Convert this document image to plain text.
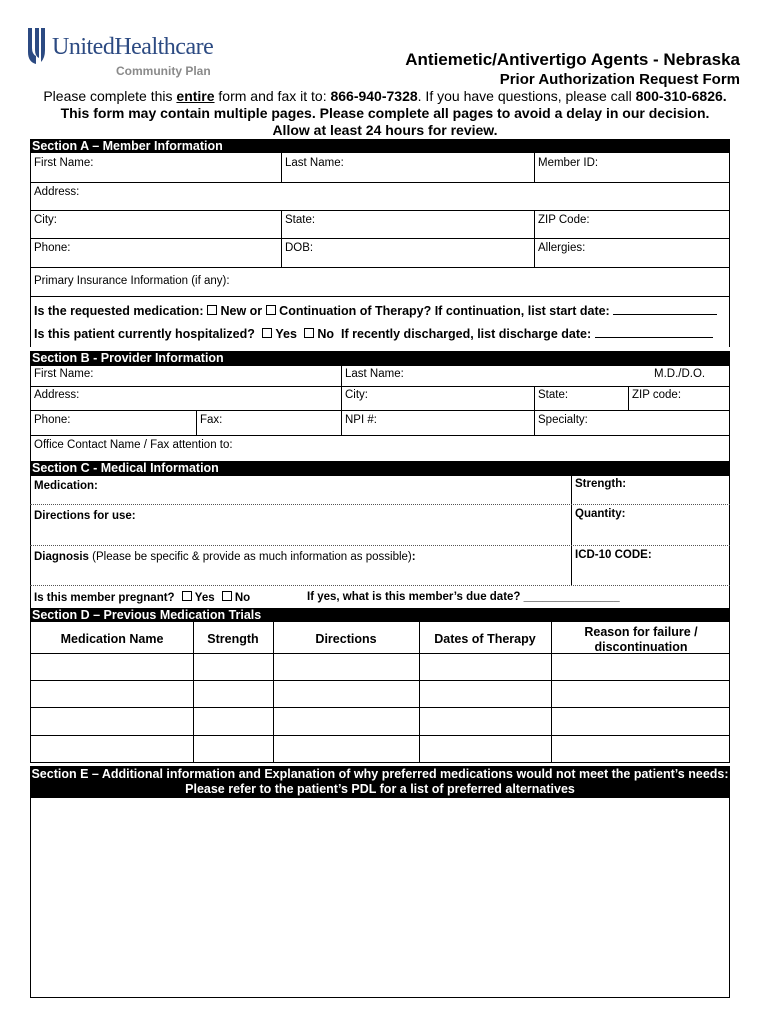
UnitedHealthcare
Community Plan
Antiemetic/Antivertigo Agents - Nebraska
Prior Authorization Request Form
Please complete this entire form and fax it to: 866-940-7328. If you have questions, please call 800-310-6826.
This form may contain multiple pages. Please complete all pages to avoid a delay in our decision.
Allow at least 24 hours for review.
Section A – Member Information
First Name:	Last Name:	Member ID:
Address:
City:	State:	ZIP Code:
Phone:	DOB:	Allergies:
Primary Insurance Information (if any):
Is the requested medication: New or Continuation of Therapy? If continuation, list start date:
Is this patient currently hospitalized? Yes No If recently discharged, list discharge date:
Section B - Provider Information
First Name:	Last Name:	M.D./D.O.
Address:	City:	State:	ZIP code:
Phone:	Fax:	NPI #:	Specialty:
Office Contact Name / Fax attention to:
Section C - Medical Information
Medication:	Strength:
Directions for use:	Quantity:
Diagnosis (Please be specific & provide as much information as possible):	ICD-10 CODE:
Is this member pregnant? Yes No	If yes, what is this member’s due date? _______________
Section D – Previous Medication Trials
Medication Name	Strength	Directions	Dates of Therapy	Reason for failure / discontinuation
Section E – Additional information and Explanation of why preferred medications would not meet the patient’s needs:
Please refer to the patient’s PDL for a list of preferred alternatives
